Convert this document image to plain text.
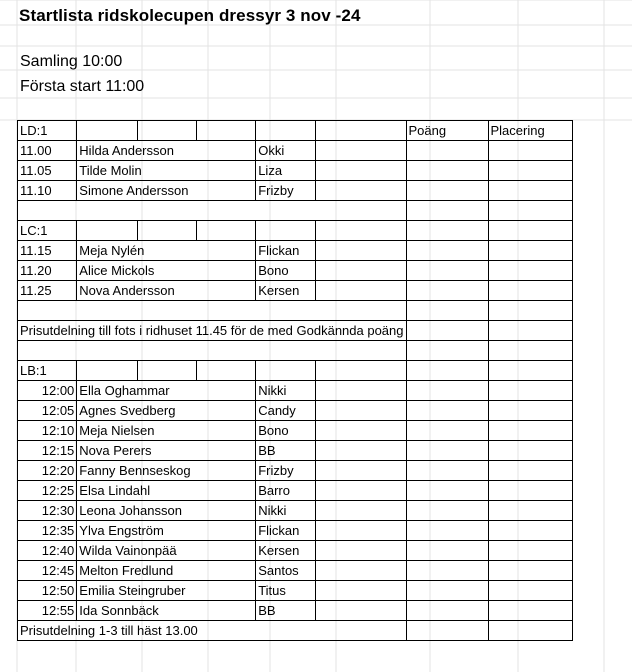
Startlista ridskolecupen dressyr 3 nov -24
Samling 10:00
Första start 11:00
LD:1						Poäng	Placering
11.00	Hilda Andersson			Okki			
11.05	Tilde Molin			Liza			
11.10	Simone Andersson			Frizby			

LC:1							
11.15	Meja Nylén			Flickan			
11.20	Alice Mickols			Bono			
11.25	Nova Andersson			Kersen			

Prisutdelning till fots i ridhuset 11.45 för de med Godkännda poäng							

LB:1							
12:00	Ella Oghammar			Nikki			
12:05	Agnes Svedberg			Candy			
12:10	Meja Nielsen			Bono			
12:15	Nova Perers			BB			
12:20	Fanny Bennseskog			Frizby			
12:25	Elsa Lindahl			Barro			
12:30	Leona Johansson			Nikki			
12:35	Ylva Engström			Flickan			
12:40	Wilda Vainonpää			Kersen			
12:45	Melton Fredlund			Santos			
12:50	Emilia Steingruber			Titus			
12:55	Ida Sonnbäck			BB			
Prisutdelning 1-3 till häst 13.00							
